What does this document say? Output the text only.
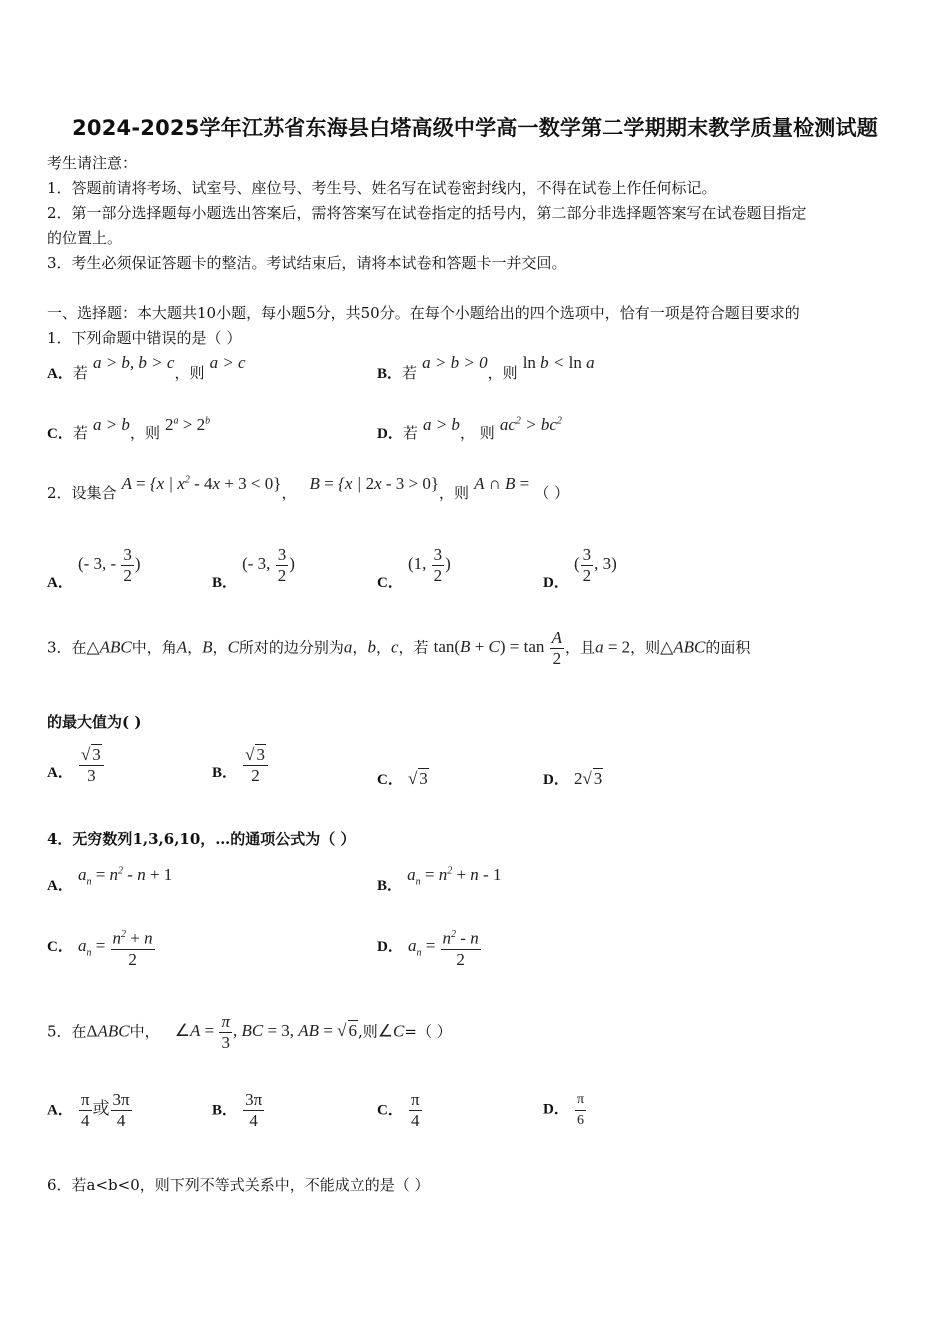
2024-2025学年江苏省东海县白塔高级中学高一数学第二学期期末教学质量检测试题
考生请注意：
1．答题前请将考场、试室号、座位号、考生号、姓名写在试卷密封线内，不得在试卷上作任何标记。
2．第一部分选择题每小题选出答案后，需将答案写在试卷指定的括号内，第二部分非选择题答案写在试卷题目指定
的位置上。
3．考生必须保证答题卡的整洁。考试结束后，请将本试卷和答题卡一并交回。
一、选择题：本大题共10小题，每小题5分，共50分。在每个小题给出的四个选项中，恰有一项是符合题目要求的
1．下列命题中错误的是（ ）
A．若 a > b, b > c，则 a > c
B．若 a > b > 0，则 ln b < ln a
C．若 a > b，则 $2^a > 2^b$
D．若 a > b， 则 $ac^2 > bc^2$
2．设集合 A = {x | $x^2 - 4x + 3 < 0$}， B = {x | 2x - 3 > 0}，则 A ∩ B = （ ）
A． (- 3, - $\frac{3}{2}$ )
B． (- 3, $\frac{3}{2}$ )
C． (1, $\frac{3}{2}$ )
D． ( $\frac{3}{2}$ , 3)
3．在△ABC中，角A，B，C所对的边分别为a，b，c，若 $\tan(B + C) = \tan \frac{A}{2}$ ，且a = 2，则△ABC的面积
的最大值为( )
A． $\frac{√ 3}{3}$	B． $\frac{√ 3}{2}$	C． √ 3	D． 2√ 3
4．无穷数列1,3,6,10，…的通项公式为（ ）
A． $a_n = n^2 - n + 1$
B． $a_n = n^2 + n - 1$
C． $a_n = \frac{n^2 + n}{2}$	D． $a_n = \frac{n^2 - n}{2}$
5．在ΔABC中， ∠A = $\frac{\pi}{3}$ , BC = 3, AB = √ 6,则∠C=（ ）
A． $\frac{\pi}{4}$ 或 $\frac{3\pi}{4}$	B． $\frac{3\pi}{4}$	C． $\frac{\pi}{4}$	D． $\frac{\pi}{6}$
6．若a<b<0，则下列不等式关系中，不能成立的是（ ）
